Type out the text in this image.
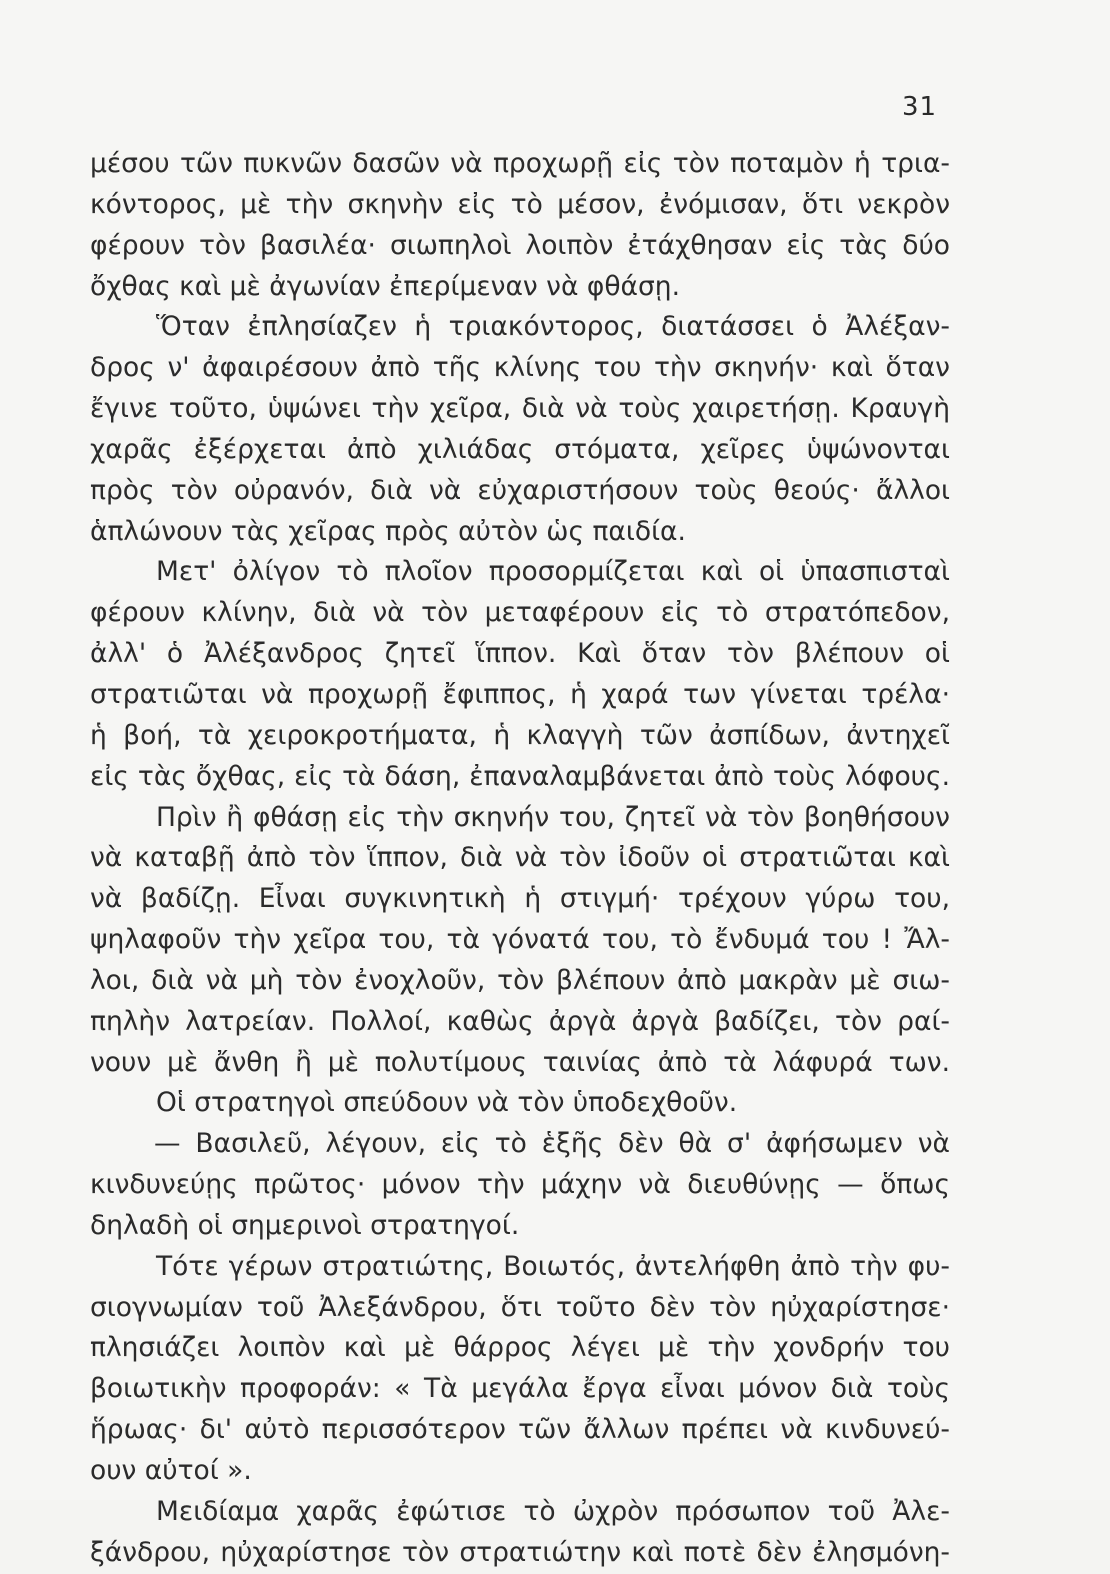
31
μέσου τῶν πυκνῶν δασῶν νὰ προχωρῇ εἰς τὸν ποταμὸν ἡ τρια-
κόντορος, μὲ τὴν σκηνὴν εἰς τὸ μέσον, ἐνόμισαν, ὅτι νεκρὸν
φέρουν τὸν βασιλέα· σιωπηλοὶ λοιπὸν ἐτάχθησαν εἰς τὰς δύο
ὄχθας καὶ μὲ ἀγωνίαν ἐπερίμεναν νὰ φθάσῃ.
Ὅταν ἐπλησίαζεν ἡ τριακόντορος, διατάσσει ὁ Ἀλέξαν-
δρος ν' ἀφαιρέσουν ἀπὸ τῆς κλίνης του τὴν σκηνήν· καὶ ὅταν
ἔγινε τοῦτο, ὑψώνει τὴν χεῖρα, διὰ νὰ τοὺς χαιρετήσῃ. Κραυγὴ
χαρᾶς ἐξέρχεται ἀπὸ χιλιάδας στόματα, χεῖρες ὑψώνονται
πρὸς τὸν οὐρανόν, διὰ νὰ εὐχαριστήσουν τοὺς θεούς· ἄλλοι
ἁπλώνουν τὰς χεῖρας πρὸς αὐτὸν ὡς παιδία.
Μετ' ὀλίγον τὸ πλοῖον προσορμίζεται καὶ οἱ ὑπασπισταὶ
φέρουν κλίνην, διὰ νὰ τὸν μεταφέρουν εἰς τὸ στρατόπεδον,
ἀλλ' ὁ Ἀλέξανδρος ζητεῖ ἵππον. Καὶ ὅταν τὸν βλέπουν οἱ
στρατιῶται νὰ προχωρῇ ἔφιππος, ἡ χαρά των γίνεται τρέλα·
ἡ βοή, τὰ χειροκροτήματα, ἡ κλαγγὴ τῶν ἀσπίδων, ἀντηχεῖ
εἰς τὰς ὄχθας, εἰς τὰ δάση, ἐπαναλαμβάνεται ἀπὸ τοὺς λόφους.
Πρὶν ἢ φθάσῃ εἰς τὴν σκηνήν του, ζητεῖ νὰ τὸν βοηθήσουν
νὰ καταβῇ ἀπὸ τὸν ἵππον, διὰ νὰ τὸν ἰδοῦν οἱ στρατιῶται καὶ
νὰ βαδίζῃ. Εἶναι συγκινητικὴ ἡ στιγμή· τρέχουν γύρω του,
ψηλαφοῦν τὴν χεῖρα του, τὰ γόνατά του, τὸ ἔνδυμά του ! Ἄλ-
λοι, διὰ νὰ μὴ τὸν ἐνοχλοῦν, τὸν βλέπουν ἀπὸ μακρὰν μὲ σιω-
πηλὴν λατρείαν. Πολλοί, καθὼς ἀργὰ ἀργὰ βαδίζει, τὸν ραί-
νουν μὲ ἄνθη ἢ μὲ πολυτίμους ταινίας ἀπὸ τὰ λάφυρά των.
Οἱ στρατηγοὶ σπεύδουν νὰ τὸν ὑποδεχθοῦν.
— Βασιλεῦ, λέγουν, εἰς τὸ ἑξῆς δὲν θὰ σ' ἀφήσωμεν νὰ
κινδυνεύῃς πρῶτος· μόνον τὴν μάχην νὰ διευθύνῃς — ὅπως
δηλαδὴ οἱ σημερινοὶ στρατηγοί.
Τότε γέρων στρατιώτης, Βοιωτός, ἀντελήφθη ἀπὸ τὴν φυ-
σιογνωμίαν τοῦ Ἀλεξάνδρου, ὅτι τοῦτο δὲν τὸν ηὐχαρίστησε·
πλησιάζει λοιπὸν καὶ μὲ θάρρος λέγει μὲ τὴν χονδρήν του
βοιωτικὴν προφοράν: « Τὰ μεγάλα ἔργα εἶναι μόνον διὰ τοὺς
ἥρωας· δι' αὐτὸ περισσότερον τῶν ἄλλων πρέπει νὰ κινδυνεύ-
ουν αὐτοί ».
Μειδίαμα χαρᾶς ἐφώτισε τὸ ὠχρὸν πρόσωπον τοῦ Ἀλε-
ξάνδρου, ηὐχαρίστησε τὸν στρατιώτην καὶ ποτὲ δὲν ἐλησμόνη-
